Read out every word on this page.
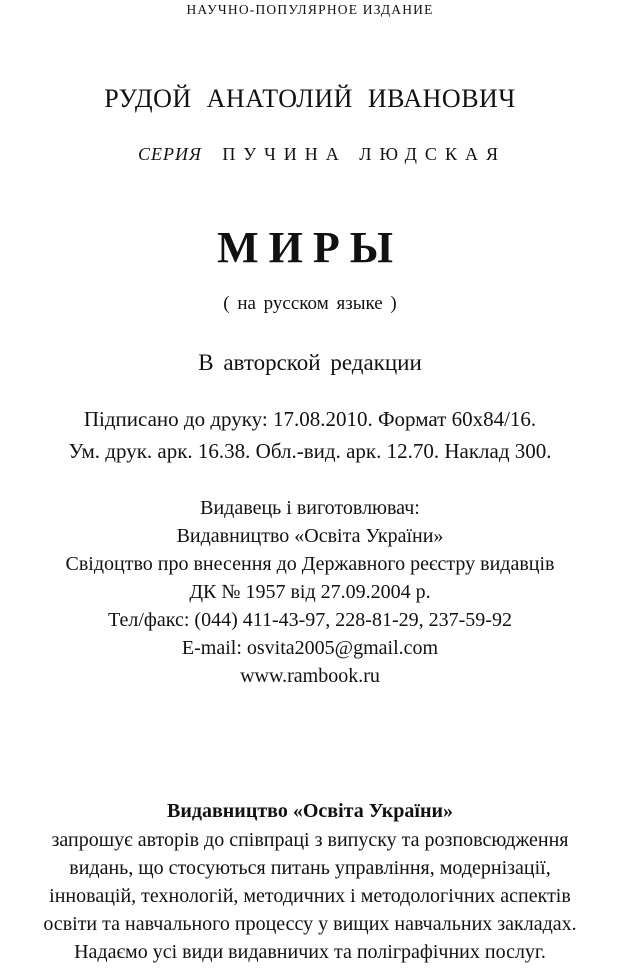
НАУЧНО-ПОПУЛЯРНОЕ ИЗДАНИЕ
РУДОЙ АНАТОЛИЙ ИВАНОВИЧ
СЕРИЯ ПУЧИНА ЛЮДСКАЯ
МИРЫ
( на русском языке )
В авторской редакции
Підписано до друку: 17.08.2010. Формат 60х84/16.
Ум. друк. арк. 16.38. Обл.-вид. арк. 12.70. Наклад 300.
Видавець і виготовлювач:
Видавництво «Освіта України»
Свідоцтво про внесення до Державного реєстру видавців
ДК № 1957 від 27.09.2004 р.
Тел/факс: (044) 411-43-97, 228-81-29, 237-59-92
E-mail: osvita2005@gmail.com
www.rambook.ru
Видавництво «Освіта України»
запрошує авторів до співпраці з випуску та розповсюдження
видань, що стосуються питань управління, модернізації,
інновацій, технологій, методичних і методологічних аспектів
освіти та навчального процессу у вищих навчальних закладах.
Надаємо усі види видавничих та поліграфічних послуг.
